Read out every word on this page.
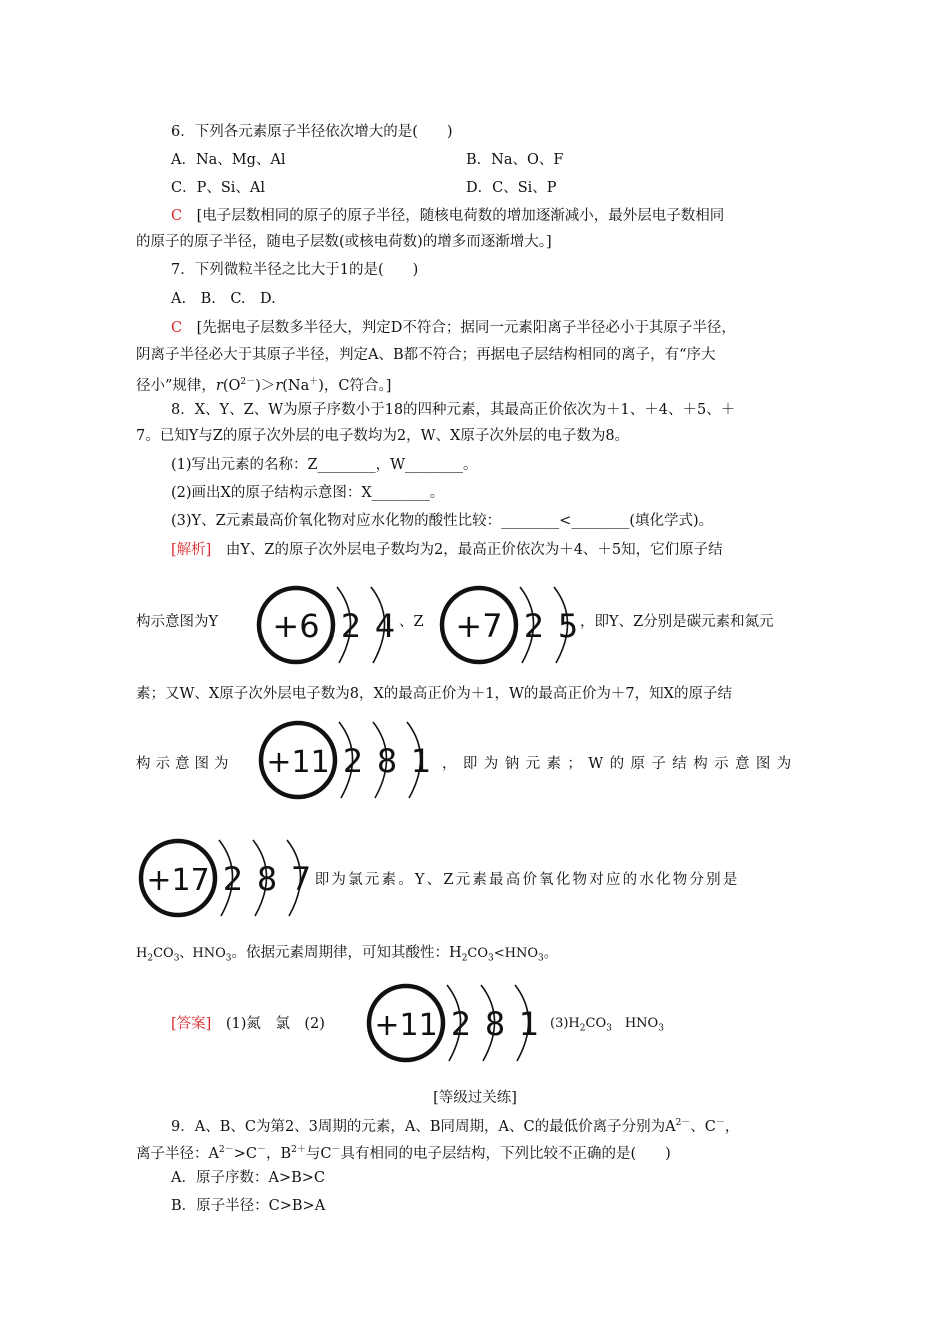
6．下列各元素原子半径依次增大的是(　　)
A．Na、Mg、Al	B．Na、O、F
C．P、Si、Al	D．C、Si、P
C　[电子层数相同的原子的原子半径，随核电荷数的增加逐渐减小，最外层电子数相同
的原子的原子半径，随电子层数(或核电荷数)的增多而逐渐增大。]
7．下列微粒半径之比大于1的是(　　)
A.　B.　C.　D.
C　[先据电子层数多半径大，判定D不符合；据同一元素阳离子半径必小于其原子半径，
阴离子半径必大于其原子半径，判定A、B都不符合；再据电子层结构相同的离子，有“序大
径小”规律，$r(O^{2-})>r(Na^+)$，C符合。]
8．X、Y、Z、W为原子序数小于18的四种元素，其最高正价依次为＋1、＋4、＋5、＋
7。已知Y与Z的原子次外层的电子数均为2，W、X原子次外层的电子数为8。
(1)写出元素的名称：Z________，W________。
(2)画出X的原子结构示意图：X________。
(3)Y、Z元素最高价氧化物对应水化物的酸性比较：________<________(填化学式)。
[解析]　由Y、Z的原子次外层电子数均为2，最高正价依次为＋4、＋5知，它们原子结
构示意图为Y	、Z	，即Y、Z分别是碳元素和氮元
素；又W、X原子次外层电子数为8，X的最高正价为＋1，W的最高正价为＋7，知X的原子结
构示意图为	，即为钠元素；W的原子结构示意图为
，即为氯元素。Y、Z元素最高价氧化物对应的水化物分别是
$H_2CO_3$、$HNO_3$。依据元素周期律，可知其酸性：$H_2CO_3<HNO_3$。
[答案]　(1)氮　氯　(2)	$(3)H_2CO_3$　$HNO_3$
+6 2 4 +7 2 5
+11 2 8 1
+17 2 8 7
+11 2 8 1
[等级过关练]
9．A、B、C为第2、3周期的元素，A、B同周期，A、C的最低价离子分别为$A^{2-}$、C－，
离子半径：$A^{2-}>C^-$，$B^{2+}$与C－具有相同的电子层结构，下列比较不正确的是(　　)
A．原子序数：A>B>C
B．原子半径：C>B>A
